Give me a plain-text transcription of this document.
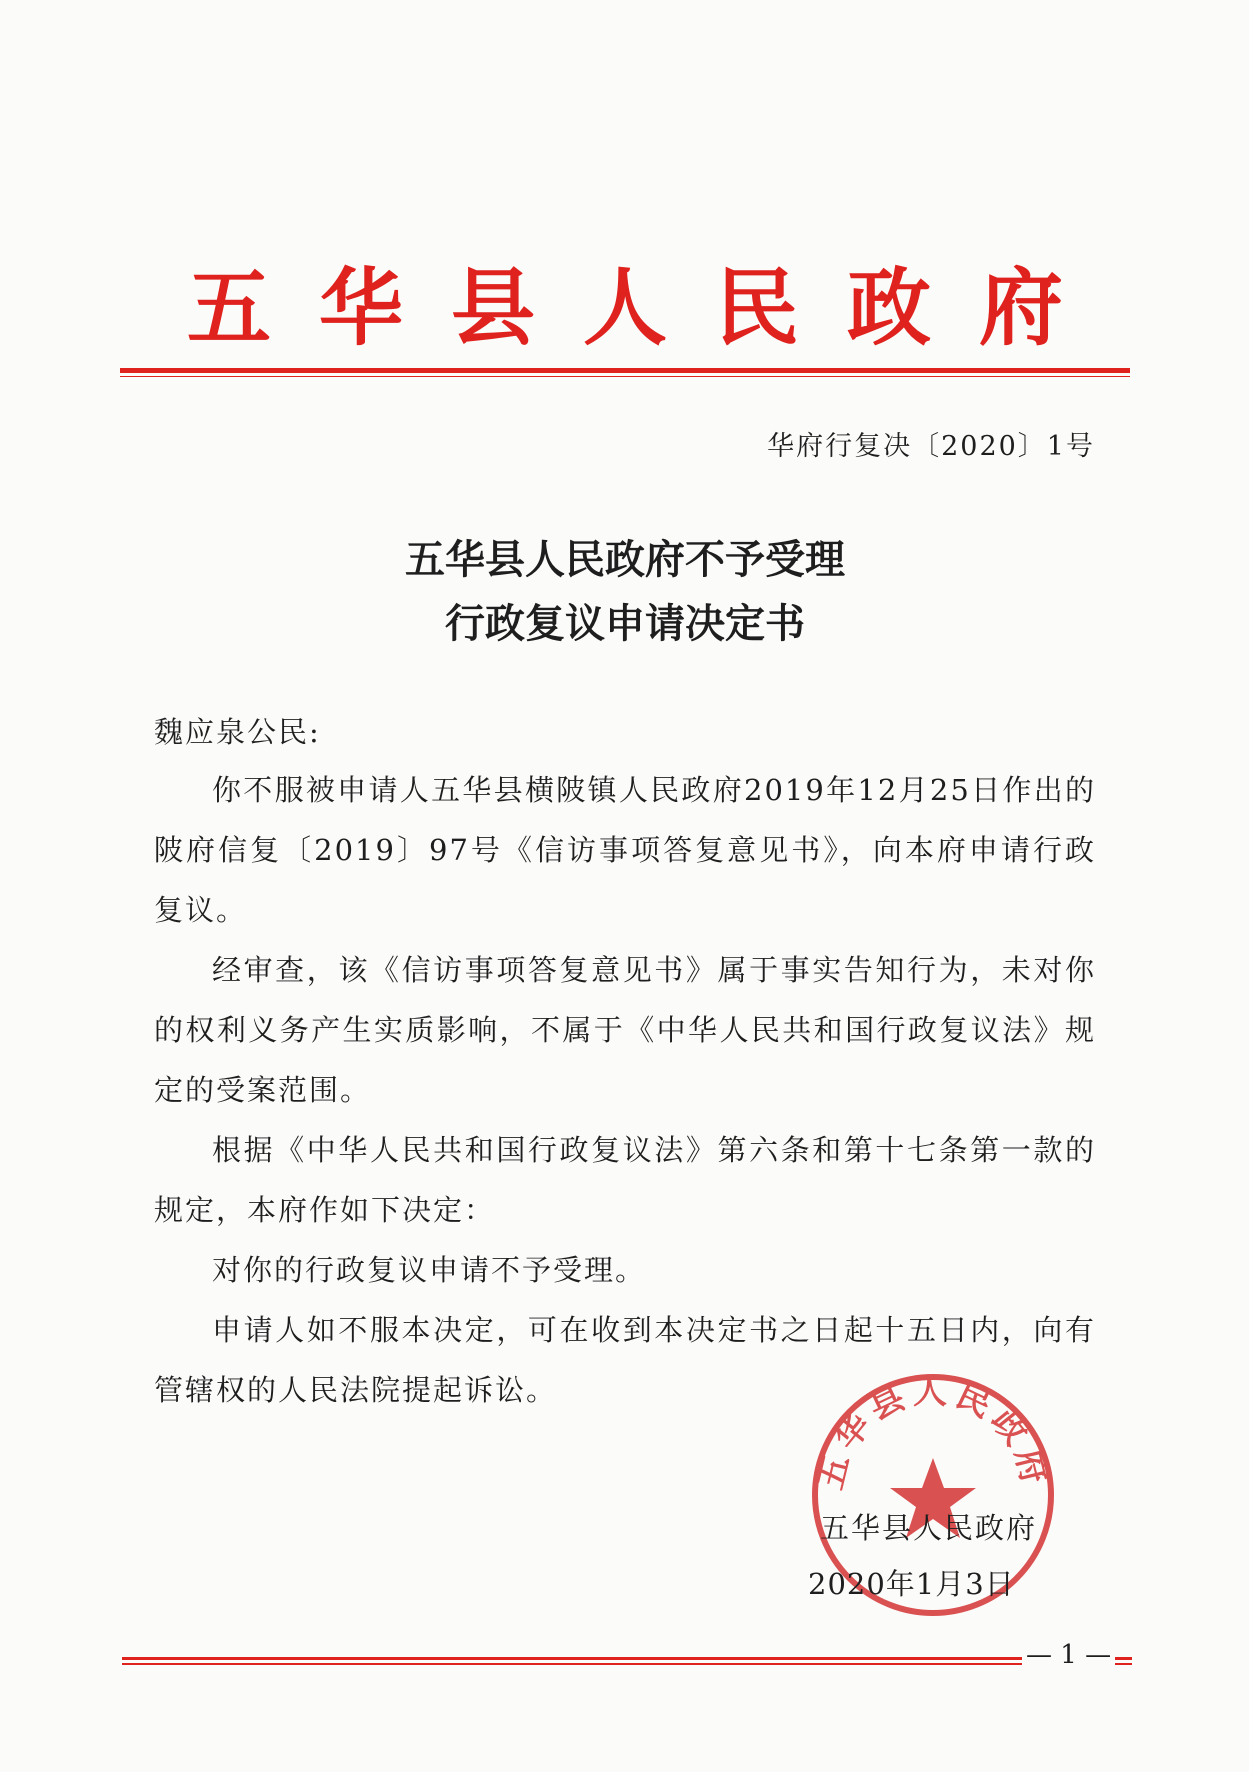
五华县人民政府
华府行复决〔2020〕1号
五华县人民政府不予受理
行政复议申请决定书
魏应泉公民:

你不服被申请人五华县横陂镇人民政府2019年12月25日作出的陂府信复〔2019〕97号《信访事项答复意见书》，向本府申请行政复议。

经审查，该《信访事项答复意见书》属于事实告知行为，未对你的权利义务产生实质影响，不属于《中华人民共和国行政复议法》规定的受案范围。

根据《中华人民共和国行政复议法》第六条和第十七条第一款的规定，本府作如下决定：

对你的行政复议申请不予受理。

申请人如不服本决定，可在收到本决定书之日起十五日内，向有管辖权的人民法院提起诉讼。

五华县人民政府
五华县人民政府
2020年1月3日
— 1 —
